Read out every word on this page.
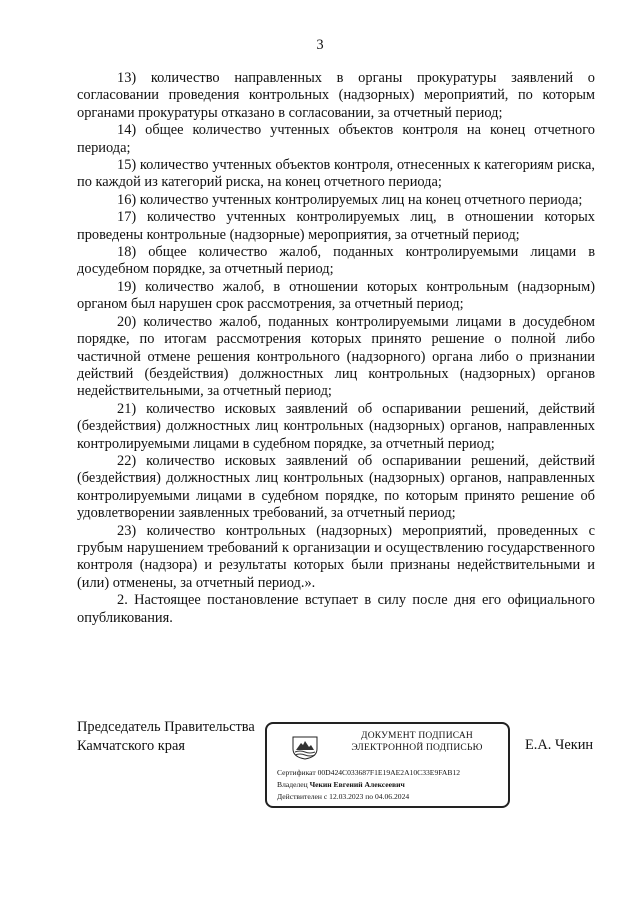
3

13) количество направленных в органы прокуратуры заявлений о согласовании проведения контрольных (надзорных) мероприятий, по которым органами прокуратуры отказано в согласовании, за отчетный период;

14) общее количество учтенных объектов контроля на конец отчетного периода;

15) количество учтенных объектов контроля, отнесенных к категориям риска, по каждой из категорий риска, на конец отчетного периода;

16) количество учтенных контролируемых лиц на конец отчетного периода;

17) количество учтенных контролируемых лиц, в отношении которых проведены контрольные (надзорные) мероприятия, за отчетный период;

18) общее количество жалоб, поданных контролируемыми лицами в досудебном порядке, за отчетный период;

19) количество жалоб, в отношении которых контрольным (надзорным) органом был нарушен срок рассмотрения, за отчетный период;

20) количество жалоб, поданных контролируемыми лицами в досудебном порядке, по итогам рассмотрения которых принято решение о полной либо частичной отмене решения контрольного (надзорного) органа либо о признании действий (бездействия) должностных лиц контрольных (надзорных) органов недействительными, за отчетный период;

21) количество исковых заявлений об оспаривании решений, действий (бездействия) должностных лиц контрольных (надзорных) органов, направленных контролируемыми лицами в судебном порядке, за отчетный период;

22) количество исковых заявлений об оспаривании решений, действий (бездействия) должностных лиц контрольных (надзорных) органов, направленных контролируемыми лицами в судебном порядке, по которым принято решение об удовлетворении заявленных требований, за отчетный период;

23) количество контрольных (надзорных) мероприятий, проведенных с грубым нарушением требований к организации и осуществлению государственного контроля (надзора) и результаты которых были признаны недействительными и (или) отменены, за отчетный период.».

2. Настоящее постановление вступает в силу после дня его официального опубликования.

Председатель Правительства
Камчатского края
ДОКУМЕНТ ПОДПИСАН
ЭЛЕКТРОННОЙ ПОДПИСЬЮ
Сертификат 00D424C033687F1E19AE2A10C33E9FAB12
Владелец Чекин Евгений Алексеевич
Действителен с 12.03.2023 по 04.06.2024
Е.А. Чекин
